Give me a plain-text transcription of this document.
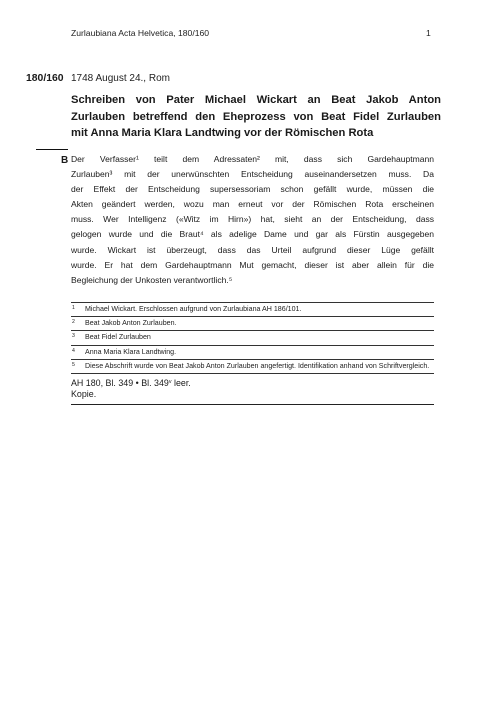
Zurlaubiana Acta Helvetica, 180/160	1
180/160 1748 August 24., Rom
Schreiben von Pater Michael Wickart an Beat Jakob Anton
Zurlauben betreffend den Eheprozess von Beat Fidel Zurlauben
mit Anna Maria Klara Landtwing vor der Römischen Rota
B Der Verfasser¹ teilt dem Adressaten² mit, dass sich Gardehauptmann
Zurlauben³ mit der unerwünschten Entscheidung auseinandersetzen muss. Da
der Effekt der Entscheidung supersessoriam schon gefällt wurde, müssen die
Akten geändert werden, wozu man erneut vor der Römischen Rota erscheinen
muss. Wer Intelligenz («Witz im Hirn») hat, sieht an der Entscheidung, dass
gelogen wurde und die Braut⁴ als adelige Dame und gar als Fürstin ausgegeben
wurde. Wickart ist überzeugt, dass das Urteil aufgrund dieser Lüge gefällt
wurde. Er hat dem Gardehauptmann Mut gemacht, dieser ist aber allein für die
Begleichung der Unkosten verantwortlich.⁵
1	Michael Wickart. Erschlossen aufgrund von Zurlaubiana AH 186/101.
2	Beat Jakob Anton Zurlauben.
3	Beat Fidel Zurlauben
4	Anna Maria Klara Landtwing.
5	Diese Abschrift wurde von Beat Jakob Anton Zurlauben angefertigt. Identifikation anhand von Schriftvergleich.
AH 180, Bl. 349 • Bl. 349$^v$ leer.
Kopie.
